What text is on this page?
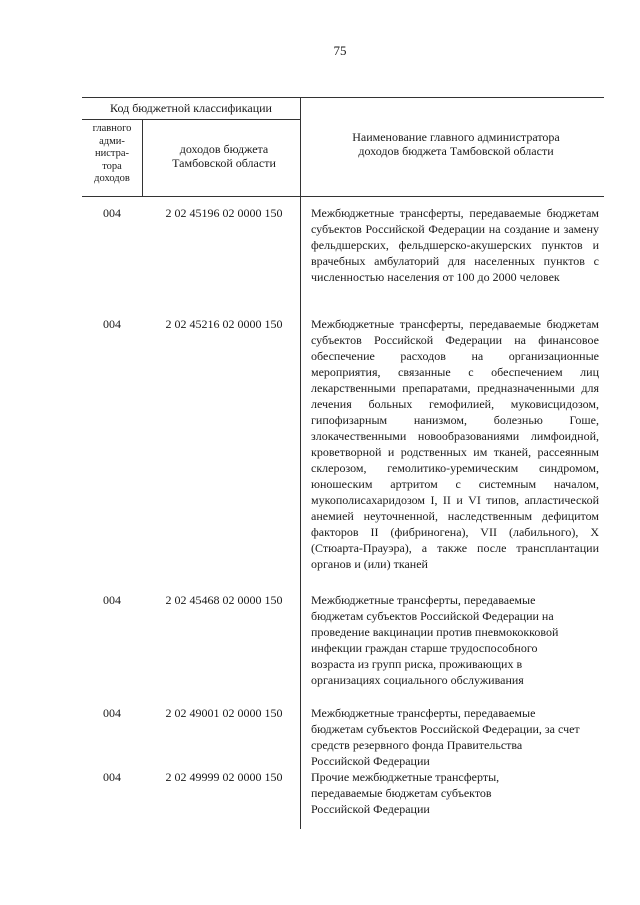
75
Код бюджетной классификации
главного адми-нистра-тора доходов
доходов бюджета Тамбовской области
Наименование главного администратора доходов бюджета Тамбовской области
004	2 02 45196 02 0000 150	Межбюджетные трансферты, передаваемые бюджетам субъектов Российской Федерации на создание и замену фельдшерских, фельдшерско-акушерских пунктов и врачебных амбулаторий для населенных пунктов с численностью населения от 100 до 2000 человек
004	2 02 45216 02 0000 150	Межбюджетные трансферты, передаваемые бюджетам субъектов Российской Федерации на финансовое обеспечение расходов на организационные мероприятия, связанные с обеспечением лиц лекарственными препаратами, предназначенными для лечения больных гемофилией, муковисцидозом, гипофизарным нанизмом, болезнью Гоше, злокачественными новообразованиями лимфоидной, кроветворной и родственных им тканей, рассеянным склерозом, гемолитико-уремическим синдромом, юношеским артритом с системным началом, мукополисахаридозом I, II и VI типов, апластической анемией неуточненной, наследственным дефицитом факторов II (фибриногена), VII (лабильного), X (Стюарта-Прауэра), а также после трансплантации органов и (или) тканей
004	2 02 45468 02 0000 150	Межбюджетные трансферты, передаваемые бюджетам субъектов Российской Федерации на проведение вакцинации против пневмококковой инфекции граждан старше трудоспособного возраста из групп риска, проживающих в организациях социального обслуживания
004	2 02 49001 02 0000 150	Межбюджетные трансферты, передаваемые бюджетам субъектов Российской Федерации, за счет средств резервного фонда Правительства Российской Федерации
004	2 02 49999 02 0000 150	Прочие межбюджетные трансферты, передаваемые бюджетам субъектов Российской Федерации
